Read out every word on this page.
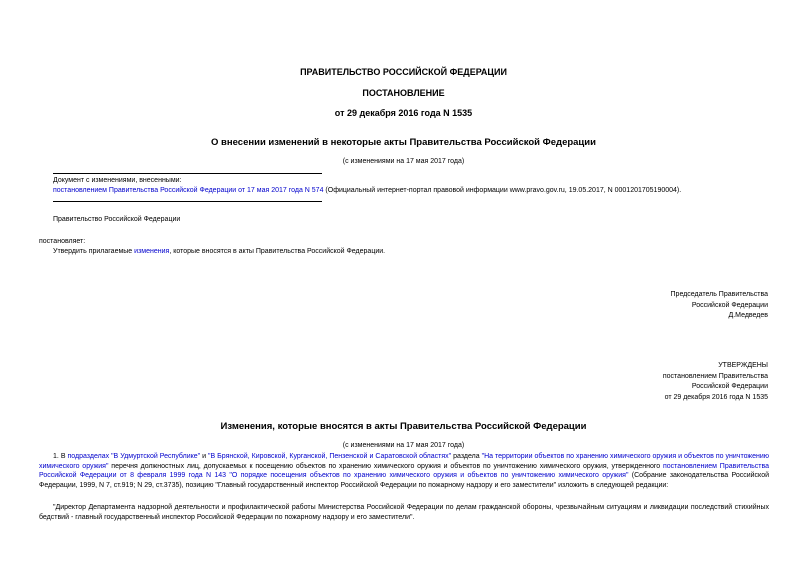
ПРАВИТЕЛЬСТВО РОССИЙСКОЙ ФЕДЕРАЦИИ
ПОСТАНОВЛЕНИЕ
от 29 декабря 2016 года N 1535
О внесении изменений в некоторые акты Правительства Российской Федерации
(с изменениями на 17 мая 2017 года)
Документ с изменениями, внесенными:
постановлением Правительства Российской Федерации от 17 мая 2017 года N 574 (Официальный интернет-портал правовой информации www.pravo.gov.ru, 19.05.2017, N 0001201705190004).
Правительство Российской Федерации
постановляет:
Утвердить прилагаемые изменения, которые вносятся в акты Правительства Российской Федерации.
Председатель Правительства
Российской Федерации
Д.Медведев
УТВЕРЖДЕНЫ
постановлением Правительства
Российской Федерации
от 29 декабря 2016 года N 1535
Изменения, которые вносятся в акты Правительства Российской Федерации
(с изменениями на 17 мая 2017 года)
1. В подразделах "В Удмуртской Республике" и "В Брянской, Кировской, Курганской, Пензенской и Саратовской областях" раздела "На территории объектов по хранению химического оружия и объектов по уничтожению химического оружия" перечня должностных лиц, допускаемых к посещению объектов по хранению химического оружия и объектов по уничтожению химического оружия, утвержденного постановлением Правительства Российской Федерации от 8 февраля 1999 года N 143 "О порядке посещения объектов по хранению химического оружия и объектов по уничтожению химического оружия" (Собрание законодательства Российской Федерации, 1999, N 7, ст.919; N 29, ст.3735), позицию "Главный государственный инспектор Российской Федерации по пожарному надзору и его заместители" изложить в следующей редакции:
"Директор Департамента надзорной деятельности и профилактической работы Министерства Российской Федерации по делам гражданской обороны, чрезвычайным ситуациям и ликвидации последствий стихийных бедствий - главный государственный инспектор Российской Федерации по пожарному надзору и его заместители".
